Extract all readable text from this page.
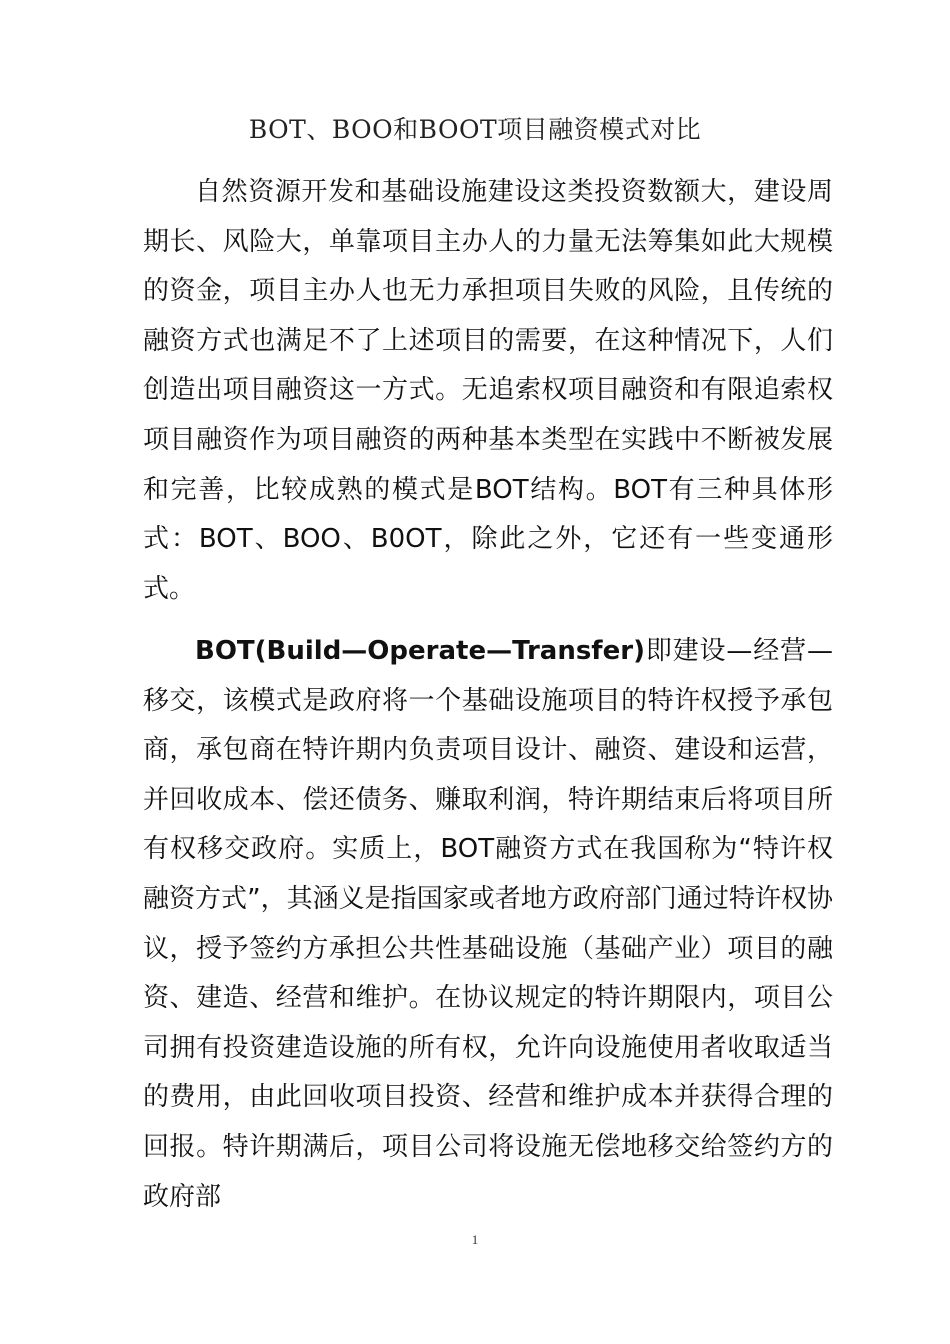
BOT、BOO和BOOT项目融资模式对比

自然资源开发和基础设施建设这类投资数额大，建设周期长、风险大，单靠项目主办人的力量无法筹集如此大规模的资金，项目主办人也无力承担项目失败的风险，且传统的融资方式也满足不了上述项目的需要，在这种情况下，人们创造出项目融资这一方式。无追索权项目融资和有限追索权项目融资作为项目融资的两种基本类型在实践中不断被发展和完善，比较成熟的模式是BOT结构。BOT有三种具体形式：BOT、BOO、B0OT，除此之外，它还有一些变通形式。

BOT(Build—Operate—Transfer)即建设—经营—移交，该模式是政府将一个基础设施项目的特许权授予承包商，承包商在特许期内负责项目设计、融资、建设和运营，并回收成本、偿还债务、赚取利润，特许期结束后将项目所有权移交政府。实质上，BOT融资方式在我国称为“特许权融资方式”，其涵义是指国家或者地方政府部门通过特许权协议，授予签约方承担公共性基础设施（基础产业）项目的融资、建造、经营和维护。在协议规定的特许期限内，项目公司拥有投资建造设施的所有权，允许向设施使用者收取适当的费用，由此回收项目投资、经营和维护成本并获得合理的回报。特许期满后，项目公司将设施无偿地移交给签约方的政府部

1
